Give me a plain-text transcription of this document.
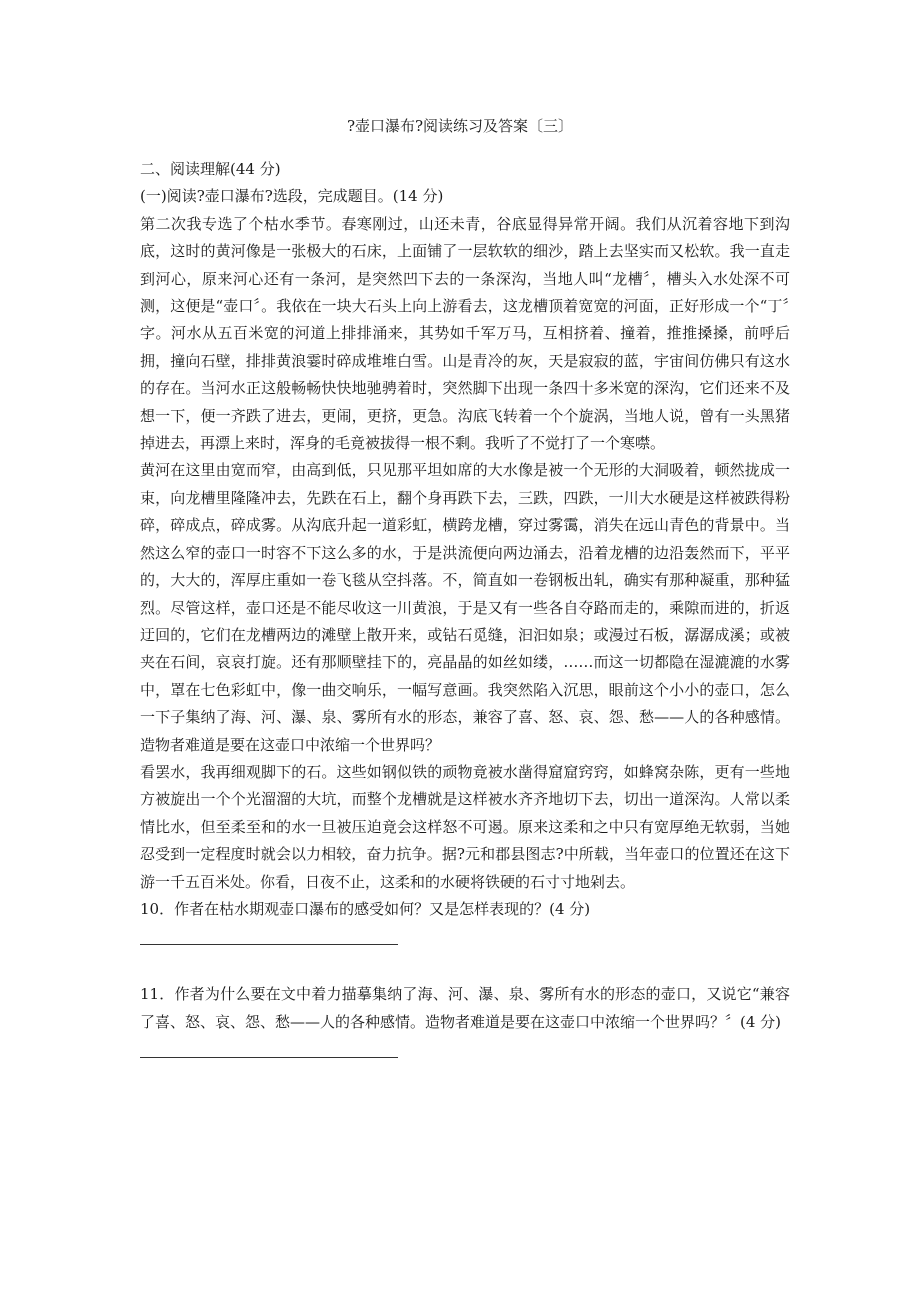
?壶口瀑布?阅读练习及答案〔三〕

二、阅读理解(44 分)

(一)阅读?壶口瀑布?选段，完成题目。(14 分)

第二次我专选了个枯水季节。春寒刚过，山还未青，谷底显得异常开阔。我们从沉着容地下到沟底，这时的黄河像是一张极大的石床，上面铺了一层软软的细沙，踏上去坚实而又松软。我一直走到河心，原来河心还有一条河，是突然凹下去的一条深沟，当地人叫“龙槽〞，槽头入水处深不可测，这便是“壶口〞。我依在一块大石头上向上游看去，这龙槽顶着宽宽的河面，正好形成一个“丁〞字。河水从五百米宽的河道上排排涌来，其势如千军万马，互相挤着、撞着，推推搡搡，前呼后拥，撞向石壁，排排黄浪霎时碎成堆堆白雪。山是青冷的灰，天是寂寂的蓝，宇宙间仿佛只有这水的存在。当河水正这般畅畅快快地驰骋着时，突然脚下出现一条四十多米宽的深沟，它们还来不及想一下，便一齐跌了进去，更闹，更挤，更急。沟底飞转着一个个旋涡，当地人说，曾有一头黑猪掉进去，再漂上来时，浑身的毛竟被拔得一根不剩。我听了不觉打了一个寒噤。

黄河在这里由宽而窄，由高到低，只见那平坦如席的大水像是被一个无形的大洞吸着，顿然拢成一束，向龙槽里隆隆冲去，先跌在石上，翻个身再跌下去，三跌，四跌，一川大水硬是这样被跌得粉碎，碎成点，碎成雾。从沟底升起一道彩虹，横跨龙槽，穿过雾霭，消失在远山青色的背景中。当然这么窄的壶口一时容不下这么多的水，于是洪流便向两边涌去，沿着龙槽的边沿轰然而下，平平的，大大的，浑厚庄重如一卷飞毯从空抖落。不，简直如一卷钢板出轧，确实有那种凝重，那种猛烈。尽管这样，壶口还是不能尽收这一川黄浪，于是又有一些各自夺路而走的，乘隙而进的，折返迂回的，它们在龙槽两边的滩壁上散开来，或钻石觅缝，汩汩如泉；或漫过石板，潺潺成溪；或被夹在石间，哀哀打旋。还有那顺壁挂下的，亮晶晶的如丝如缕，……而这一切都隐在湿漉漉的水雾中，罩在七色彩虹中，像一曲交响乐，一幅写意画。我突然陷入沉思，眼前这个小小的壶口，怎么一下子集纳了海、河、瀑、泉、雾所有水的形态，兼容了喜、怒、哀、怨、愁——人的各种感情。造物者难道是要在这壶口中浓缩一个世界吗？

看罢水，我再细观脚下的石。这些如钢似铁的顽物竟被水凿得窟窟窍窍，如蜂窝杂陈，更有一些地方被旋出一个个光溜溜的大坑，而整个龙槽就是这样被水齐齐地切下去，切出一道深沟。人常以柔情比水，但至柔至和的水一旦被压迫竟会这样怒不可遏。原来这柔和之中只有宽厚绝无软弱，当她忍受到一定程度时就会以力相较，奋力抗争。据?元和郡县图志?中所载，当年壶口的位置还在这下游一千五百米处。你看，日夜不止，这柔和的水硬将铁硬的石寸寸地剁去。

10．作者在枯水期观壶口瀑布的感受如何？又是怎样表现的？(4 分)

11．作者为什么要在文中着力描摹集纳了海、河、瀑、泉、雾所有水的形态的壶口，又说它“兼容了喜、怒、哀、怨、愁——人的各种感情。造物者难道是要在这壶口中浓缩一个世界吗？〞(4 分)
